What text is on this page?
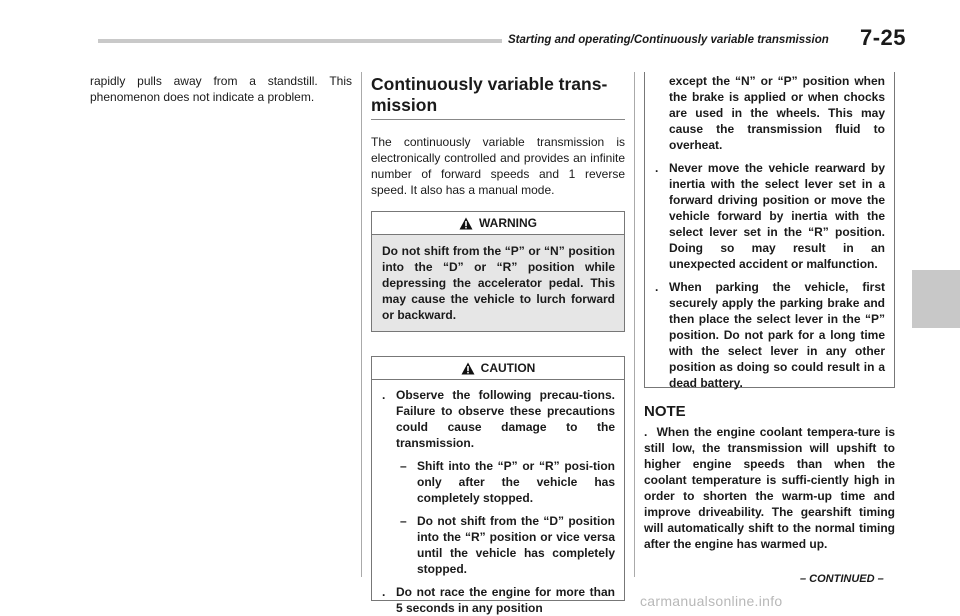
Starting and operating/Continuously variable transmission 7-25

rapidly pulls away from a standstill. This phenomenon does not indicate a problem.

Continuously variable trans-mission

The continuously variable transmission is electronically controlled and provides an infinite number of forward speeds and 1 reverse speed. It also has a manual mode.

WARNING

Do not shift from the “P” or “N” position into the “D” or “R” position while depressing the accelerator pedal. This may cause the vehicle to lurch forward or backward.

CAUTION
. Observe the following precau-tions. Failure to observe these precautions could cause damage to the transmission.
– Shift into the “P” or “R” posi-tion only after the vehicle has completely stopped.
– Do not shift from the “D” position into the “R” position or vice versa until the vehicle has completely stopped.
. Do not race the engine for more than 5 seconds in any position

except the “N” or “P” position when the brake is applied or when chocks are used in the wheels. This may cause the transmission fluid to overheat.

. Never move the vehicle rearward by inertia with the select lever set in a forward driving position or move the vehicle forward by inertia with the select lever set in the “R” position. Doing so may result in an unexpected accident or malfunction.
. When parking the vehicle, first securely apply the parking brake and then place the select lever in the “P” position. Do not park for a long time with the select lever in any other position as doing so could result in a dead battery.
NOTE

. When the engine coolant tempera-ture is still low, the transmission will upshift to higher engine speeds than when the coolant temperature is suffi-ciently high in order to shorten the warm-up time and improve driveability. The gearshift timing will automatically shift to the normal timing after the engine has warmed up.

– CONTINUED –
carmanualsonline.info
